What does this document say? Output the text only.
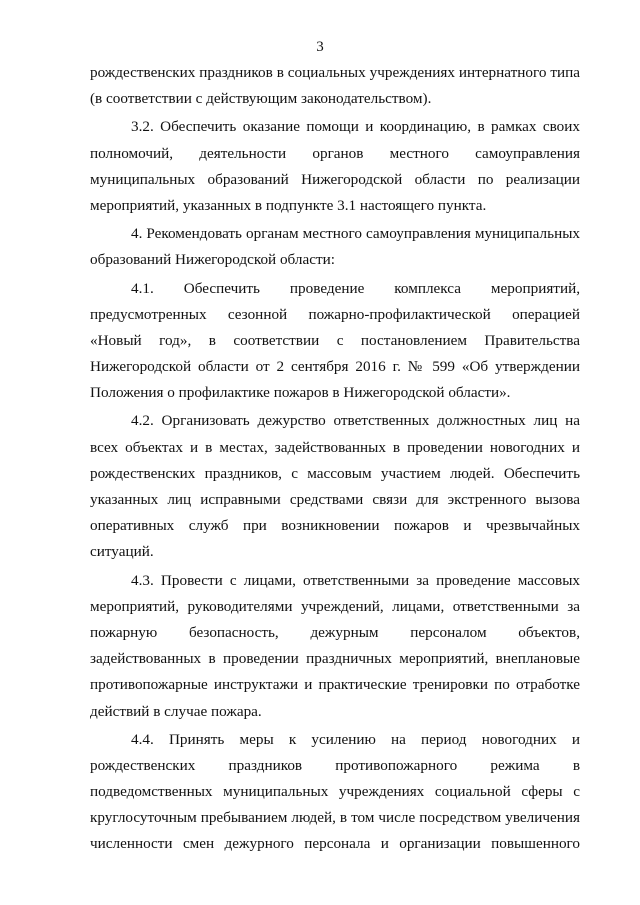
3
рождественских праздников в социальных учреждениях интернатного типа
(в соответствии с действующим законодательством).
3.2. Обеспечить оказание помощи и координацию, в рамках своих
полномочий, деятельности органов местного самоуправления
муниципальных образований Нижегородской области по реализации
мероприятий, указанных в подпункте 3.1 настоящего пункта.
4. Рекомендовать органам местного самоуправления муниципальных
образований Нижегородской области:
4.1. Обеспечить проведение комплекса мероприятий,
предусмотренных сезонной пожарно-профилактической операцией
«Новый год», в соответствии с постановлением Правительства
Нижегородской области от 2 сентября 2016 г. № 599 «Об утверждении
Положения о профилактике пожаров в Нижегородской области».
4.2. Организовать дежурство ответственных должностных лиц на
всех объектах и в местах, задействованных в проведении новогодних и
рождественских праздников, с массовым участием людей. Обеспечить
указанных лиц исправными средствами связи для экстренного вызова
оперативных служб при возникновении пожаров и чрезвычайных
ситуаций.
4.3. Провести с лицами, ответственными за проведение массовых
мероприятий, руководителями учреждений, лицами, ответственными за
пожарную безопасность, дежурным персоналом объектов,
задействованных в проведении праздничных мероприятий, внеплановые
противопожарные инструктажи и практические тренировки по отработке
действий в случае пожара.
4.4. Принять меры к усилению на период новогодних и
рождественских праздников противопожарного режима в
подведомственных муниципальных учреждениях социальной сферы с
круглосуточным пребыванием людей, в том числе посредством увеличения
численности смен дежурного персонала и организации повышенного
